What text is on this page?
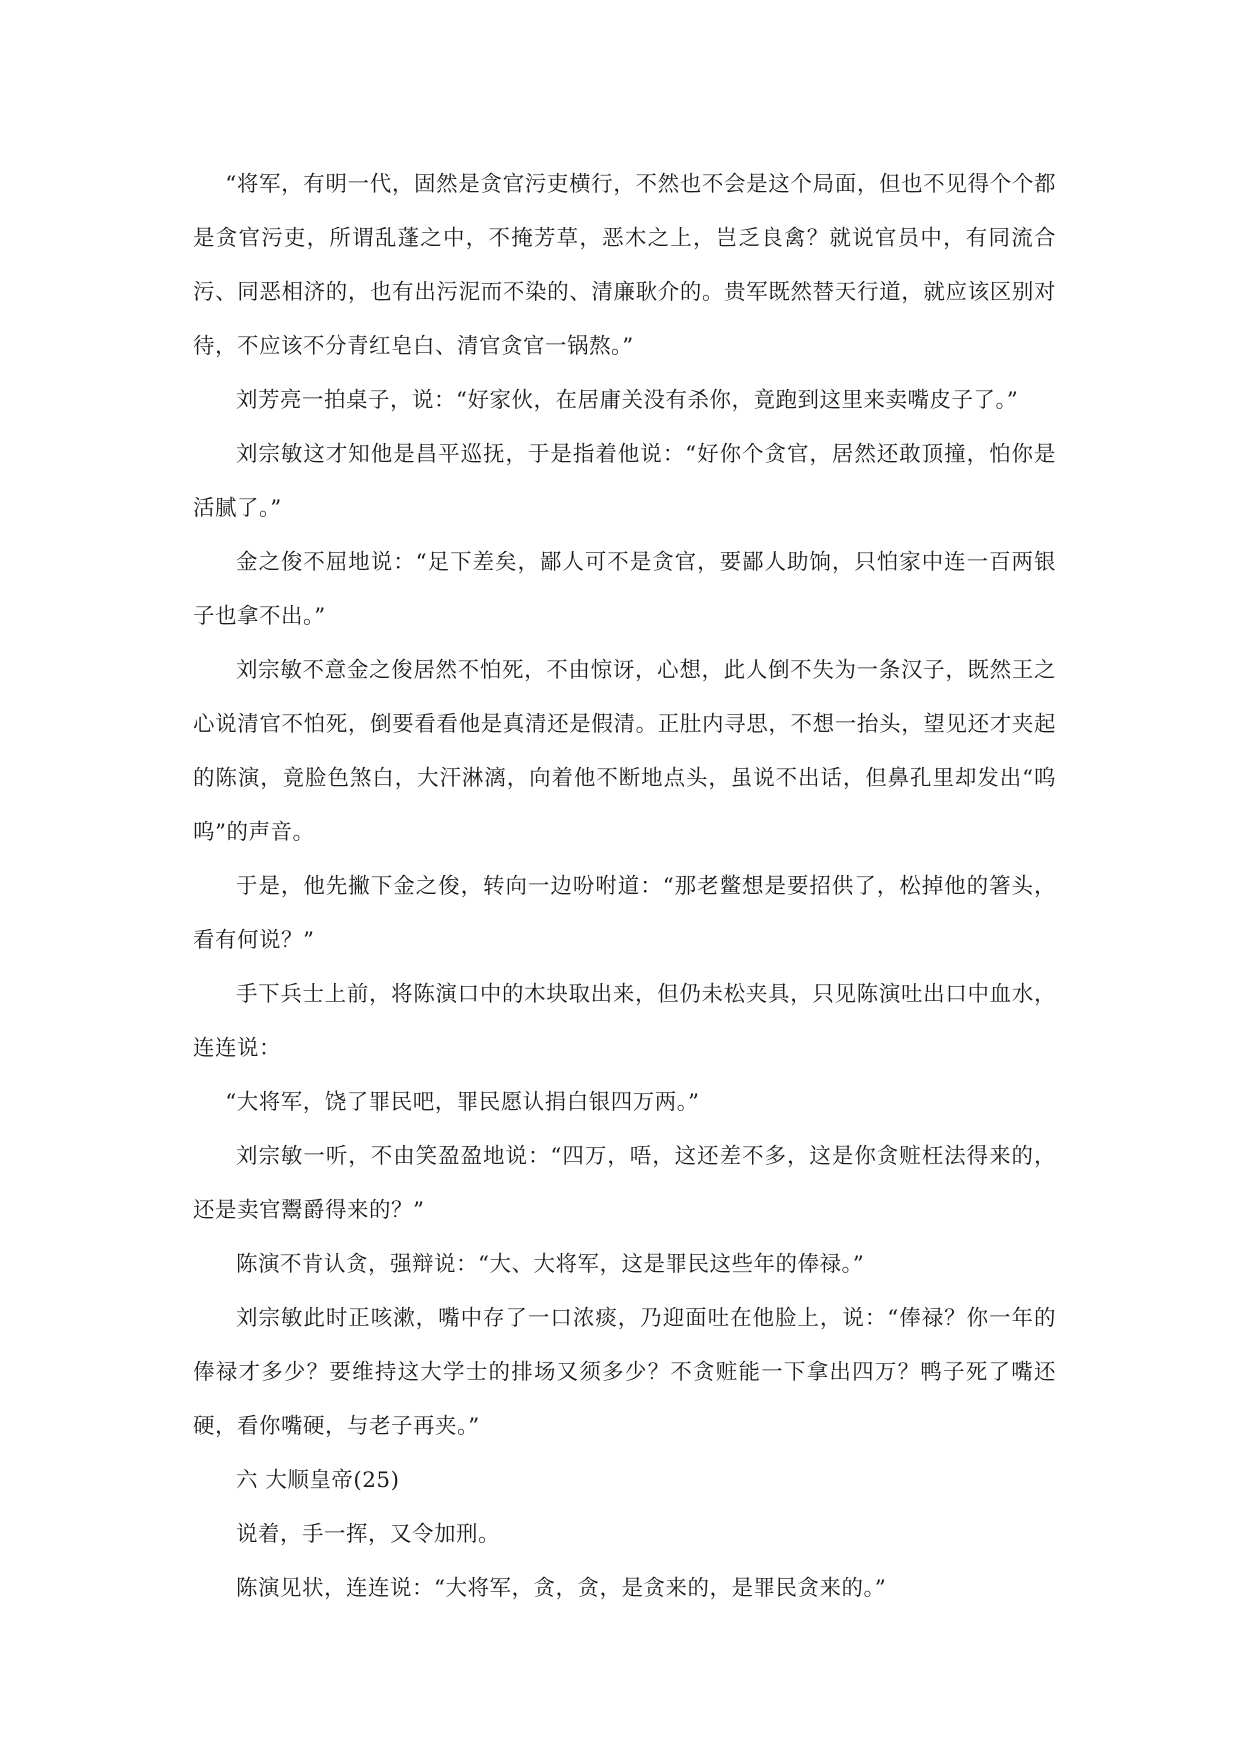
“将军，有明一代，固然是贪官污吏横行，不然也不会是这个局面，但也不见得个个都是贪官污吏，所谓乱蓬之中，不掩芳草，恶木之上，岂乏良禽？就说官员中，有同流合污、同恶相济的，也有出污泥而不染的、清廉耿介的。贵军既然替天行道，就应该区别对待，不应该不分青红皂白、清官贪官一锅熬。”

刘芳亮一拍桌子，说：“好家伙，在居庸关没有杀你，竟跑到这里来卖嘴皮子了。”

刘宗敏这才知他是昌平巡抚，于是指着他说：“好你个贪官，居然还敢顶撞，怕你是活腻了。”

金之俊不屈地说：“足下差矣，鄙人可不是贪官，要鄙人助饷，只怕家中连一百两银子也拿不出。”

刘宗敏不意金之俊居然不怕死，不由惊讶，心想，此人倒不失为一条汉子，既然王之心说清官不怕死，倒要看看他是真清还是假清。正肚内寻思，不想一抬头，望见还才夹起的陈演，竟脸色煞白，大汗淋漓，向着他不断地点头，虽说不出话，但鼻孔里却发出“呜呜”的声音。

于是，他先撇下金之俊，转向一边吩咐道：“那老鳖想是要招供了，松掉他的箸头，看有何说？”

手下兵士上前，将陈演口中的木块取出来，但仍未松夹具，只见陈演吐出口中血水，连连说：

“大将军，饶了罪民吧，罪民愿认捐白银四万两。”

刘宗敏一听，不由笑盈盈地说：“四万，唔，这还差不多，这是你贪赃枉法得来的，还是卖官鬻爵得来的？”

陈演不肯认贪，强辩说：“大、大将军，这是罪民这些年的俸禄。”

刘宗敏此时正咳漱，嘴中存了一口浓痰，乃迎面吐在他脸上，说：“俸禄？你一年的俸禄才多少？要维持这大学士的排场又须多少？不贪赃能一下拿出四万？鸭子死了嘴还硬，看你嘴硬，与老子再夹。”

六 大顺皇帝(25)

说着，手一挥，又令加刑。

陈演见状，连连说：“大将军，贪，贪，是贪来的，是罪民贪来的。”
